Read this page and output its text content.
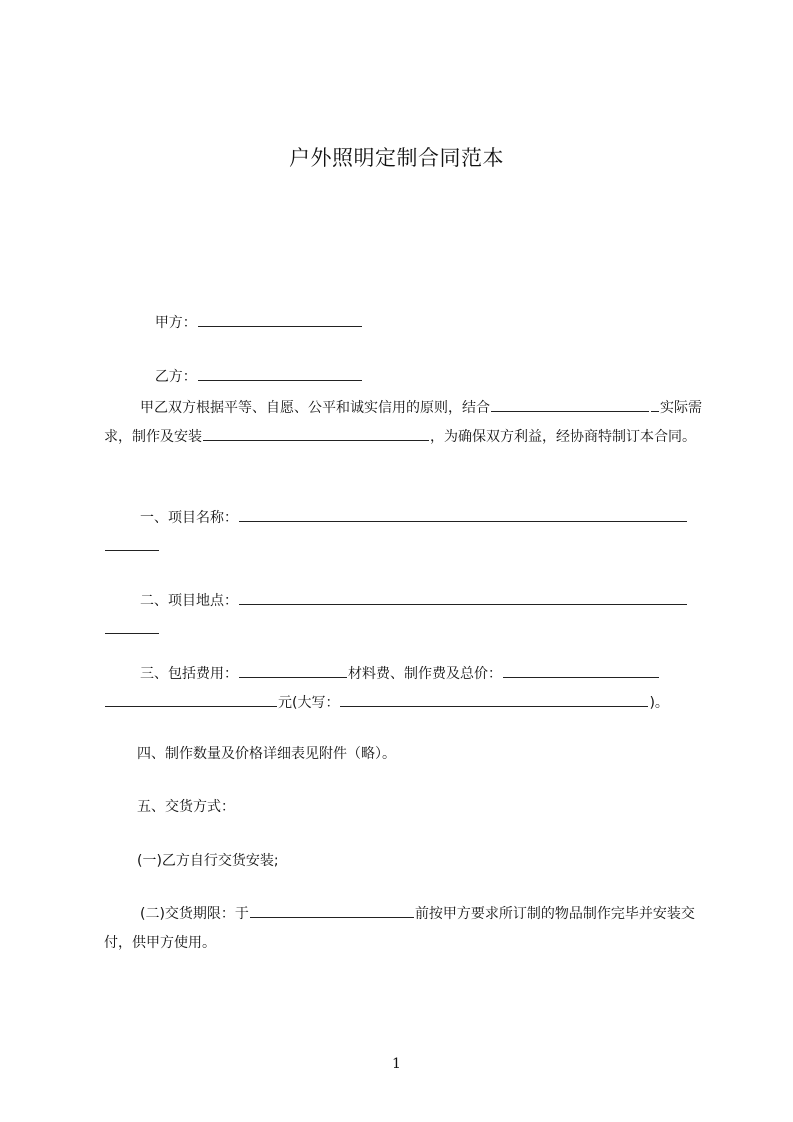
户外照明定制合同范本

甲方：

乙方：

甲乙双方根据平等、自愿、公平和诚实信用的原则，结合	实际需求，制作及安装	，为确保双方利益，经协商特制订本合同。
一、项目名称：
二、项目地点：
三、包括费用：	材料费、制作费及总价：元(大写：	)。
四、制作数量及价格详细表见附件（略）。
五、交货方式：
(一)乙方自行交货安装;
(二)交货期限：于	前按甲方要求所订制的物品制作完毕并安装交付，供甲方使用。
1
